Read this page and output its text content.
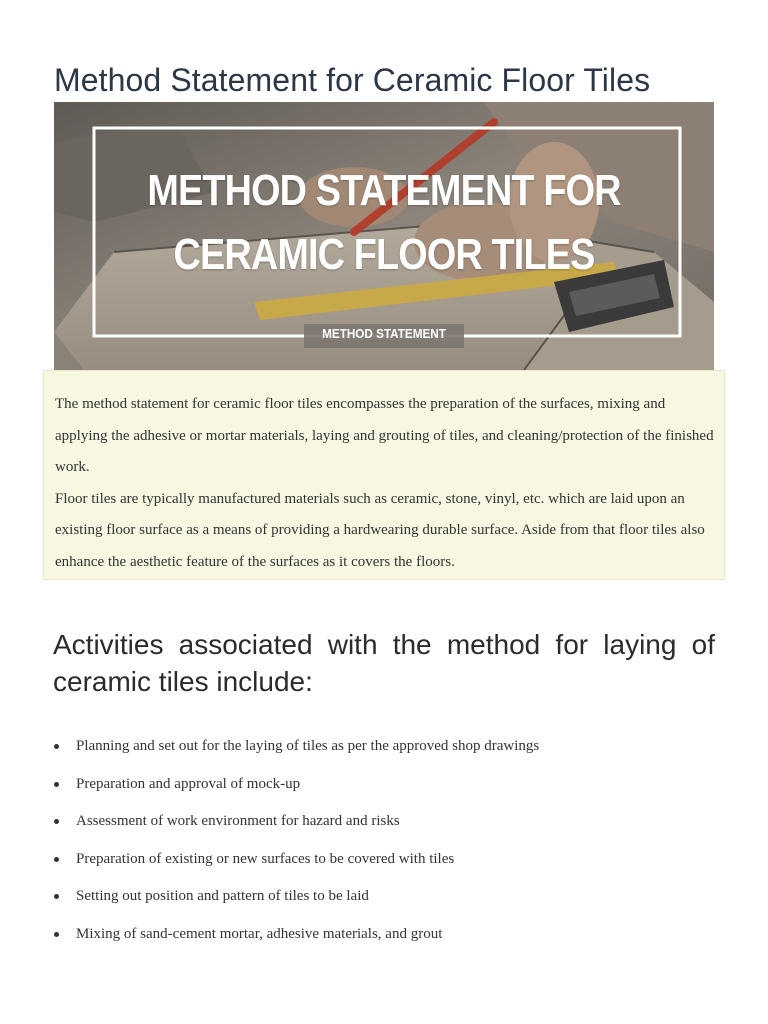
Method Statement for Ceramic Floor Tiles
METHOD STATEMENT FOR
CERAMIC FLOOR TILES
METHOD STATEMENT

The method statement for ceramic floor tiles encompasses the preparation of the surfaces, mixing and applying the adhesive or mortar materials, laying and grouting of tiles, and cleaning/protection of the finished work.

Floor tiles are typically manufactured materials such as ceramic, stone, vinyl, etc. which are laid upon an existing floor surface as a means of providing a hardwearing durable surface. Aside from that floor tiles also enhance the aesthetic feature of the surfaces as it covers the floors.

Activities associated with the method for laying of ceramic tiles include:
Planning and set out for the laying of tiles as per the approved shop drawings
Preparation and approval of mock-up
Assessment of work environment for hazard and risks
Preparation of existing or new surfaces to be covered with tiles
Setting out position and pattern of tiles to be laid
Mixing of sand-cement mortar, adhesive materials, and grout
